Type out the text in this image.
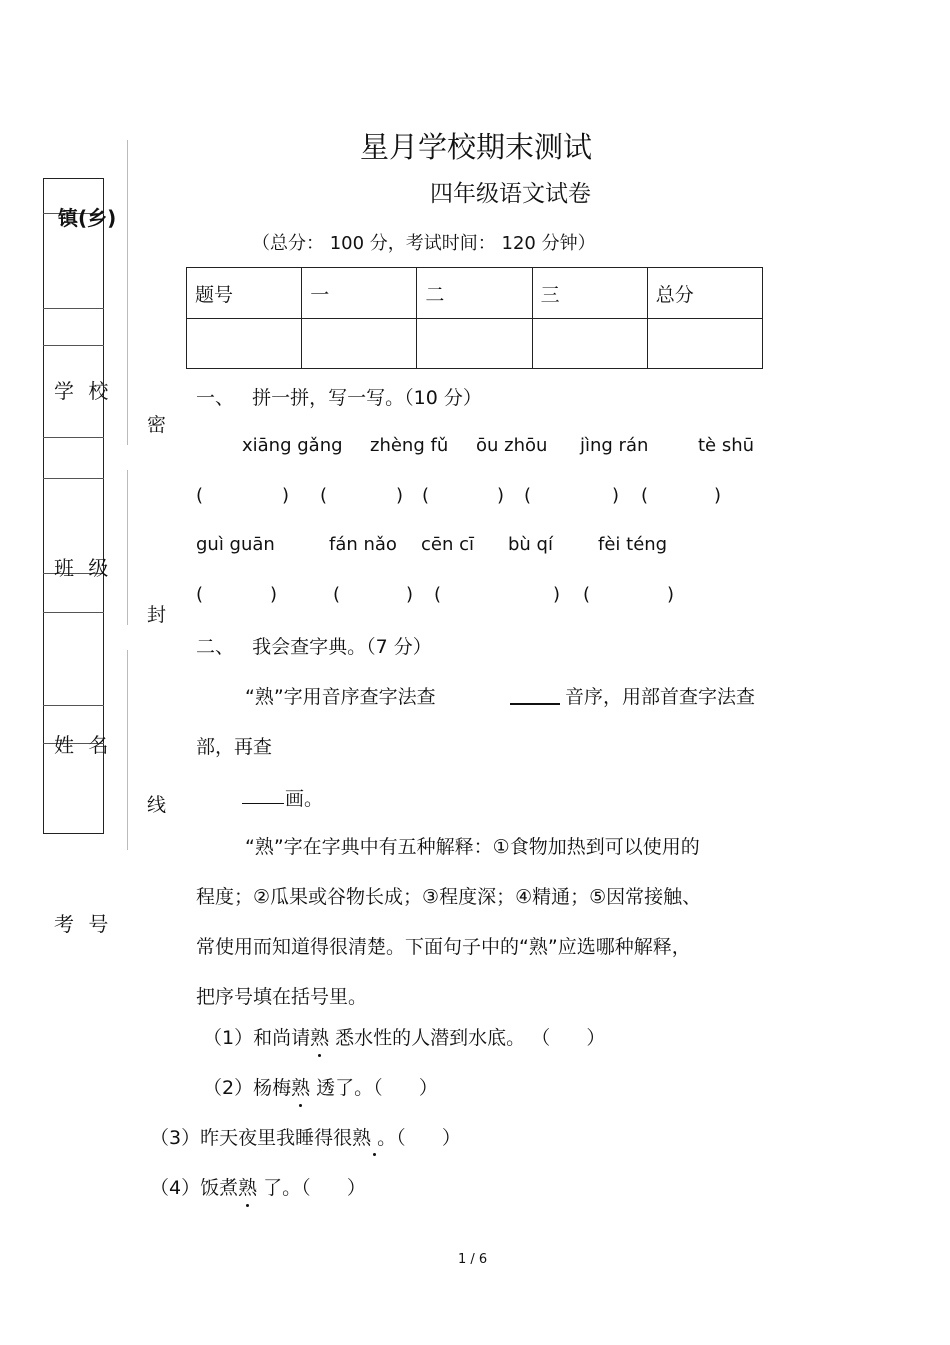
镇(乡)
学 校
班 级
姓 名
考 号
密
封
线
星月学校期末测试
四年级语文试卷
（总分： 100 分，考试时间： 120 分钟）
题号	一	二	三	总分

一、   拼一拼，写一写。（10 分）
xiāng gǎng zhèng fǔ ōu zhōu jìng rán	tè shū
(	) (	) (	) (	) (	)
guì guān	fán nǎo cēn cī bù qí	fèi téng
(	)	(	) (	) (	)
二、   我会查字典。（7 分）
“熟”字用音序查字法查	音序，用部首查字法查
部，再查
画。
“熟”字在字典中有五种解释：①食物加热到可以使用的
程度；②瓜果或谷物长成；③程度深；④精通；⑤因常接触、
常使用而知道得很清楚。下面句子中的“熟”应选哪种解释，
把序号填在括号里。
（1）和尚请熟 悉水性的人潜到水底。 （      ）
（2）杨梅熟 透了。（      ）
（3）昨天夜里我睡得很熟 。（      ）
（4）饭煮熟 了。（      ）
1 / 6
